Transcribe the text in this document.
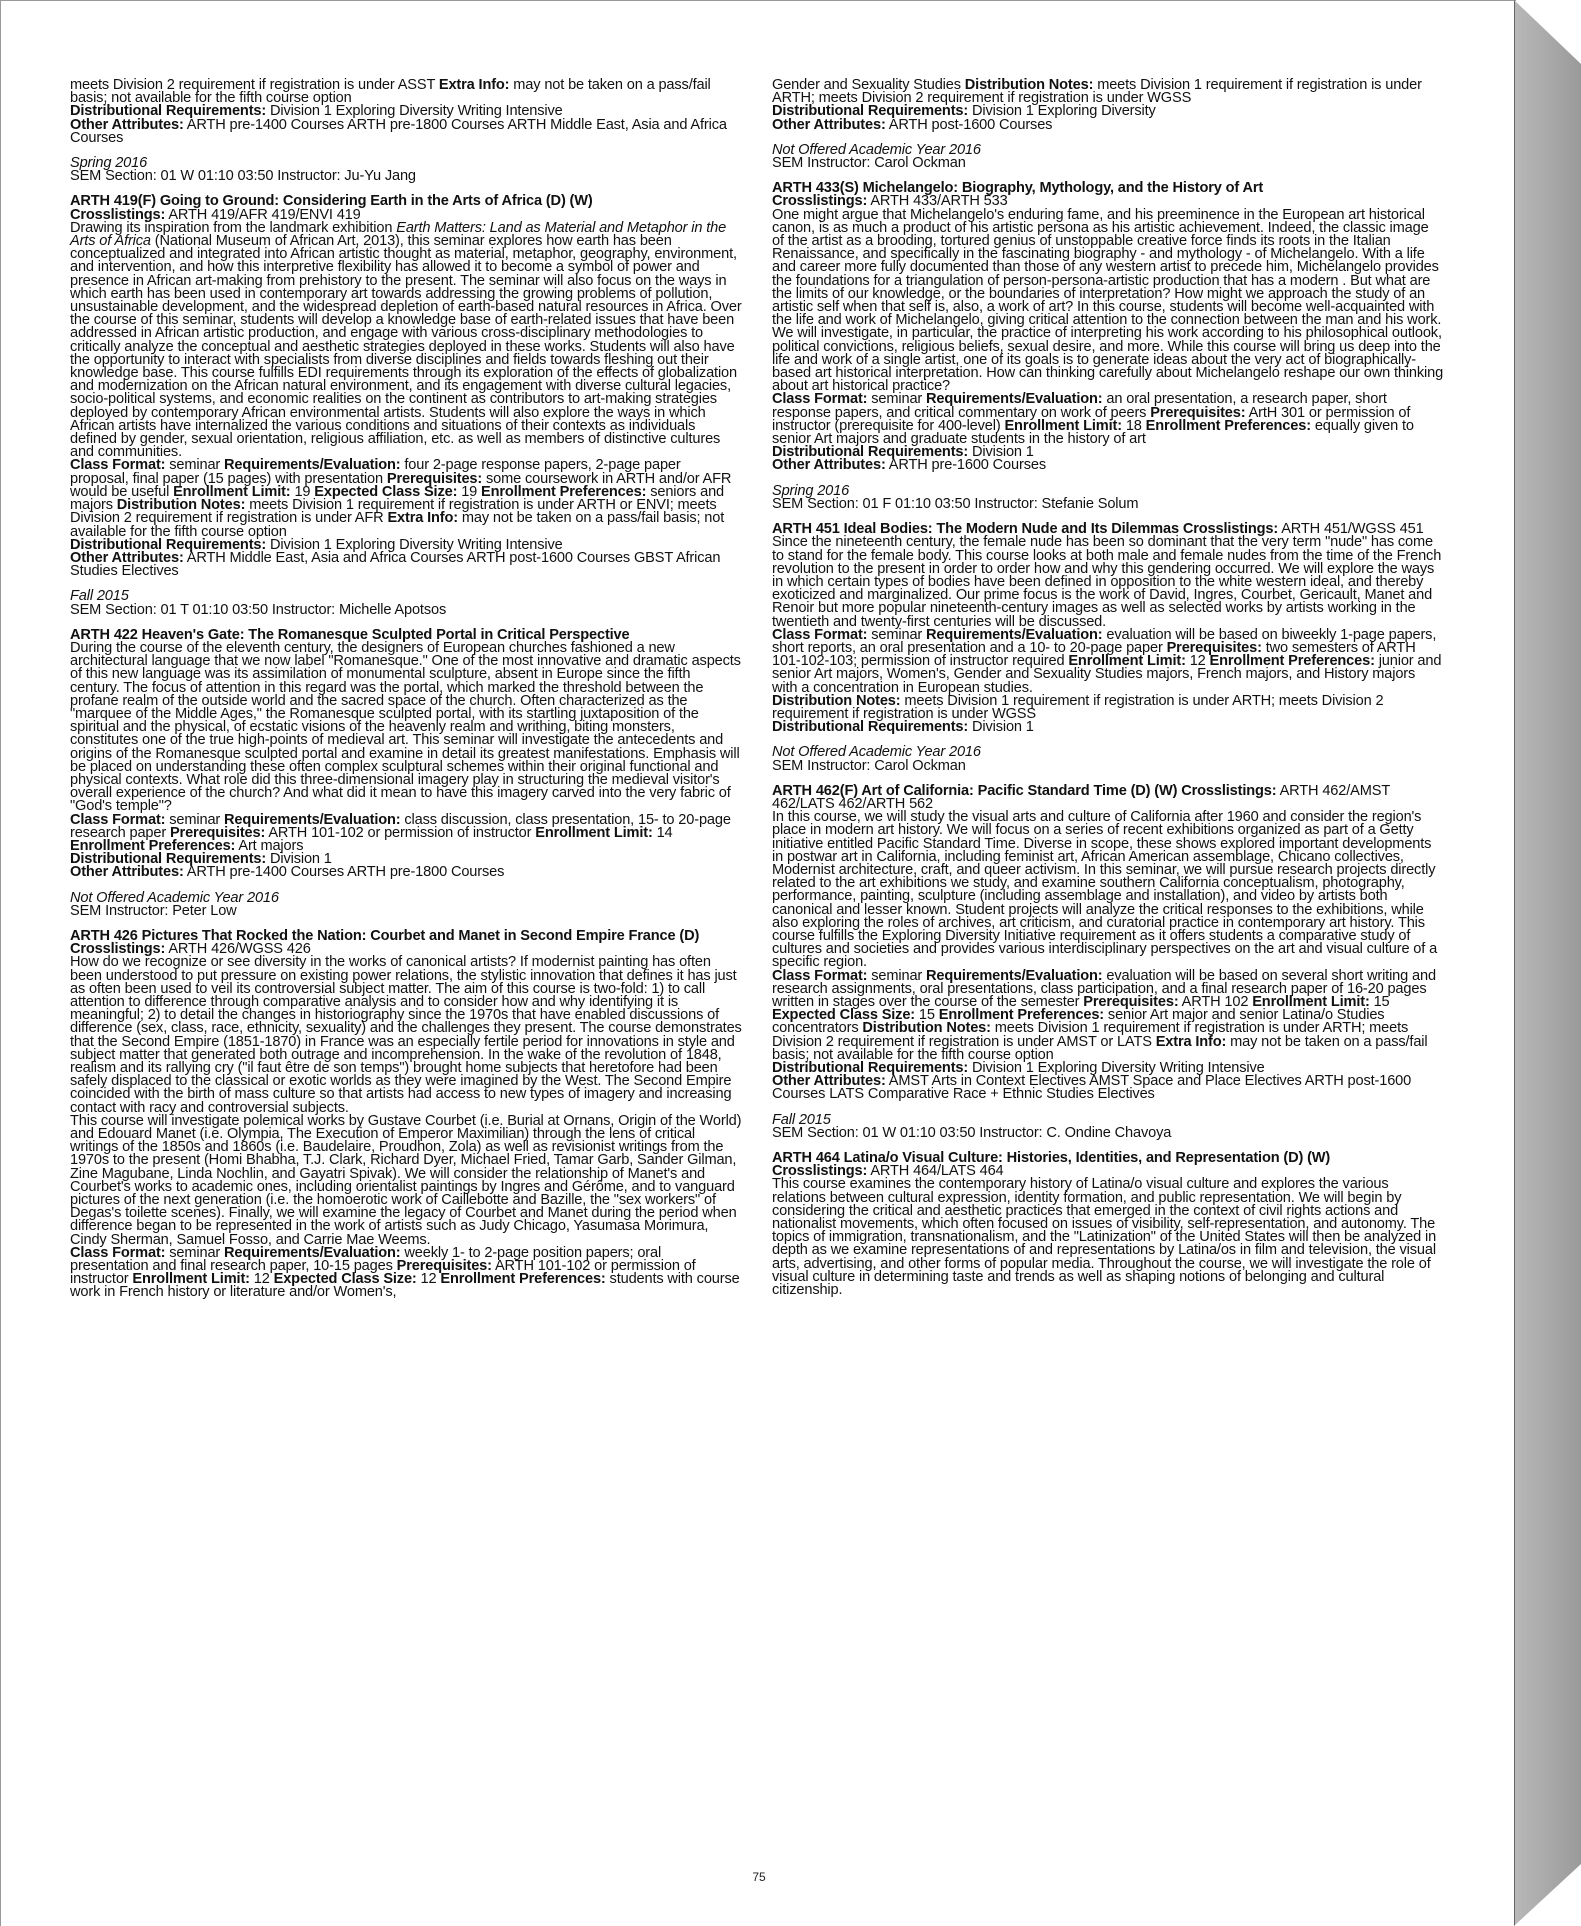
meets Division 2 requirement if registration is under ASST Extra Info: may not be taken on a pass/fail basis; not available for the fifth course option

Distributional Requirements: Division 1 Exploring Diversity Writing Intensive

Other Attributes: ARTH pre-1400 Courses ARTH pre-1800 Courses ARTH Middle East, Asia and Africa Courses

Spring 2016

SEM Section: 01 W 01:10 03:50 Instructor: Ju-Yu Jang

ARTH 419(F) Going to Ground: Considering Earth in the Arts of Africa (D) (W)

Crosslistings: ARTH 419/AFR 419/ENVI 419

Drawing its inspiration from the landmark exhibition Earth Matters: Land as Material and Metaphor in the Arts of Africa (National Museum of African Art, 2013), this seminar explores how earth has been conceptualized and integrated into African artistic thought as material, metaphor, geography, environment, and intervention, and how this interpretive flexibility has allowed it to become a symbol of power and presence in African art-making from prehistory to the present. The seminar will also focus on the ways in which earth has been used in contemporary art towards addressing the growing problems of pollution, unsustainable development, and the widespread depletion of earth-based natural resources in Africa. Over the course of this seminar, students will develop a knowledge base of earth-related issues that have been addressed in African artistic production, and engage with various cross-disciplinary methodologies to critically analyze the conceptual and aesthetic strategies deployed in these works. Students will also have the opportunity to interact with specialists from diverse disciplines and fields towards fleshing out their knowledge base. This course fulfills EDI requirements through its exploration of the effects of globalization and modernization on the African natural environment, and its engagement with diverse cultural legacies, socio-political systems, and economic realities on the continent as contributors to art-making strategies deployed by contemporary African environmental artists. Students will also explore the ways in which African artists have internalized the various conditions and situations of their contexts as individuals defined by gender, sexual orientation, religious affiliation, etc. as well as members of distinctive cultures and communities.

Class Format: seminar Requirements/Evaluation: four 2-page response papers, 2-page paper proposal, final paper (15 pages) with presentation Prerequisites: some coursework in ARTH and/or AFR would be useful Enrollment Limit: 19 Expected Class Size: 19 Enrollment Preferences: seniors and majors Distribution Notes: meets Division 1 requirement if registration is under ARTH or ENVI; meets Division 2 requirement if registration is under AFR Extra Info: may not be taken on a pass/fail basis; not available for the fifth course option

Distributional Requirements: Division 1 Exploring Diversity Writing Intensive

Other Attributes: ARTH Middle East, Asia and Africa Courses ARTH post-1600 Courses GBST African Studies Electives

Fall 2015

SEM Section: 01 T 01:10 03:50 Instructor: Michelle Apotsos

ARTH 422 Heaven's Gate: The Romanesque Sculpted Portal in Critical Perspective

During the course of the eleventh century, the designers of European churches fashioned a new architectural language that we now label "Romanesque." One of the most innovative and dramatic aspects of this new language was its assimilation of monumental sculpture, absent in Europe since the fifth century. The focus of attention in this regard was the portal, which marked the threshold between the profane realm of the outside world and the sacred space of the church. Often characterized as the "marquee of the Middle Ages," the Romanesque sculpted portal, with its startling juxtaposition of the spiritual and the physical, of ecstatic visions of the heavenly realm and writhing, biting monsters, constitutes one of the true high-points of medieval art. This seminar will investigate the antecedents and origins of the Romanesque sculpted portal and examine in detail its greatest manifestations. Emphasis will be placed on understanding these often complex sculptural schemes within their original functional and physical contexts. What role did this three-dimensional imagery play in structuring the medieval visitor's overall experience of the church? And what did it mean to have this imagery carved into the very fabric of "God's temple"?

Class Format: seminar Requirements/Evaluation: class discussion, class presentation, 15- to 20-page research paper Prerequisites: ARTH 101-102 or permission of instructor Enrollment Limit: 14 Enrollment Preferences: Art majors

Distributional Requirements: Division 1

Other Attributes: ARTH pre-1400 Courses ARTH pre-1800 Courses

Not Offered Academic Year 2016

SEM Instructor: Peter Low

ARTH 426 Pictures That Rocked the Nation: Courbet and Manet in Second Empire France (D) Crosslistings: ARTH 426/WGSS 426

How do we recognize or see diversity in the works of canonical artists? If modernist painting has often been understood to put pressure on existing power relations, the stylistic innovation that defines it has just as often been used to veil its controversial subject matter. The aim of this course is two-fold: 1) to call attention to difference through comparative analysis and to consider how and why identifying it is meaningful; 2) to detail the changes in historiography since the 1970s that have enabled discussions of difference (sex, class, race, ethnicity, sexuality) and the challenges they present. The course demonstrates that the Second Empire (1851-1870) in France was an especially fertile period for innovations in style and subject matter that generated both outrage and incomprehension. In the wake of the revolution of 1848, realism and its rallying cry ("il faut être de son temps") brought home subjects that heretofore had been safely displaced to the classical or exotic worlds as they were imagined by the West. The Second Empire coincided with the birth of mass culture so that artists had access to new types of imagery and increasing contact with racy and controversial subjects.

This course will investigate polemical works by Gustave Courbet (i.e. Burial at Ornans, Origin of the World) and Edouard Manet (i.e. Olympia, The Execution of Emperor Maximilian) through the lens of critical writings of the 1850s and 1860s (i.e. Baudelaire, Proudhon, Zola) as well as revisionist writings from the 1970s to the present (Homi Bhabha, T.J. Clark, Richard Dyer, Michael Fried, Tamar Garb, Sander Gilman, Zine Magubane, Linda Nochlin, and Gayatri Spivak). We will consider the relationship of Manet's and Courbet's works to academic ones, including orientalist paintings by Ingres and Gérôme, and to vanguard pictures of the next generation (i.e. the homoerotic work of Caillebotte and Bazille, the "sex workers" of Degas's toilette scenes). Finally, we will examine the legacy of Courbet and Manet during the period when difference began to be represented in the work of artists such as Judy Chicago, Yasumasa Morimura, Cindy Sherman, Samuel Fosso, and Carrie Mae Weems.

Class Format: seminar Requirements/Evaluation: weekly 1- to 2-page position papers; oral presentation and final research paper, 10-15 pages Prerequisites: ARTH 101-102 or permission of instructor Enrollment Limit: 12 Expected Class Size: 12 Enrollment Preferences: students with course work in French history or literature and/or Women's,

Gender and Sexuality Studies Distribution Notes: meets Division 1 requirement if registration is under ARTH; meets Division 2 requirement if registration is under WGSS

Distributional Requirements: Division 1 Exploring Diversity

Other Attributes: ARTH post-1600 Courses

Not Offered Academic Year 2016

SEM Instructor: Carol Ockman

ARTH 433(S) Michelangelo: Biography, Mythology, and the History of Art

Crosslistings: ARTH 433/ARTH 533

One might argue that Michelangelo's enduring fame, and his preeminence in the European art historical canon, is as much a product of his artistic persona as his artistic achievement. Indeed, the classic image of the artist as a brooding, tortured genius of unstoppable creative force finds its roots in the Italian Renaissance, and specifically in the fascinating biography - and mythology - of Michelangelo. With a life and career more fully documented than those of any western artist to precede him, Michelangelo provides the foundations for a triangulation of person-persona-artistic production that has a modern . But what are the limits of our knowledge, or the boundaries of interpretation? How might we approach the study of an artistic self when that self is, also, a work of art? In this course, students will become well-acquainted with the life and work of Michelangelo, giving critical attention to the connection between the man and his work. We will investigate, in particular, the practice of interpreting his work according to his philosophical outlook, political convictions, religious beliefs, sexual desire, and more. While this course will bring us deep into the life and work of a single artist, one of its goals is to generate ideas about the very act of biographically-based art historical interpretation. How can thinking carefully about Michelangelo reshape our own thinking about art historical practice?

Class Format: seminar Requirements/Evaluation: an oral presentation, a research paper, short response papers, and critical commentary on work of peers Prerequisites: ArtH 301 or permission of instructor (prerequisite for 400-level) Enrollment Limit: 18 Enrollment Preferences: equally given to senior Art majors and graduate students in the history of art

Distributional Requirements: Division 1

Other Attributes: ARTH pre-1600 Courses

Spring 2016

SEM Section: 01 F 01:10 03:50 Instructor: Stefanie Solum

ARTH 451 Ideal Bodies: The Modern Nude and Its Dilemmas Crosslistings: ARTH 451/WGSS 451

Since the nineteenth century, the female nude has been so dominant that the very term "nude" has come to stand for the female body. This course looks at both male and female nudes from the time of the French revolution to the present in order to order how and why this gendering occurred. We will explore the ways in which certain types of bodies have been defined in opposition to the white western ideal, and thereby exoticized and marginalized. Our prime focus is the work of David, Ingres, Courbet, Gericault, Manet and Renoir but more popular nineteenth-century images as well as selected works by artists working in the twentieth and twenty-first centuries will be discussed.

Class Format: seminar Requirements/Evaluation: evaluation will be based on biweekly 1-page papers, short reports, an oral presentation and a 10- to 20-page paper Prerequisites: two semesters of ARTH 101-102-103; permission of instructor required Enrollment Limit: 12 Enrollment Preferences: junior and senior Art majors, Women's, Gender and Sexuality Studies majors, French majors, and History majors with a concentration in European studies.

Distribution Notes: meets Division 1 requirement if registration is under ARTH; meets Division 2 requirement if registration is under WGSS

Distributional Requirements: Division 1

Not Offered Academic Year 2016

SEM Instructor: Carol Ockman

ARTH 462(F) Art of California: Pacific Standard Time (D) (W) Crosslistings: ARTH 462/AMST 462/LATS 462/ARTH 562

In this course, we will study the visual arts and culture of California after 1960 and consider the region's place in modern art history. We will focus on a series of recent exhibitions organized as part of a Getty initiative entitled Pacific Standard Time. Diverse in scope, these shows explored important developments in postwar art in California, including feminist art, African American assemblage, Chicano collectives, Modernist architecture, craft, and queer activism. In this seminar, we will pursue research projects directly related to the art exhibitions we study, and examine southern California conceptualism, photography, performance, painting, sculpture (including assemblage and installation), and video by artists both canonical and lesser known. Student projects will analyze the critical responses to the exhibitions, while also exploring the roles of archives, art criticism, and curatorial practice in contemporary art history. This course fulfills the Exploring Diversity Initiative requirement as it offers students a comparative study of cultures and societies and provides various interdisciplinary perspectives on the art and visual culture of a specific region.

Class Format: seminar Requirements/Evaluation: evaluation will be based on several short writing and research assignments, oral presentations, class participation, and a final research paper of 16-20 pages written in stages over the course of the semester Prerequisites: ARTH 102 Enrollment Limit: 15 Expected Class Size: 15 Enrollment Preferences: senior Art major and senior Latina/o Studies concentrators Distribution Notes: meets Division 1 requirement if registration is under ARTH; meets Division 2 requirement if registration is under AMST or LATS Extra Info: may not be taken on a pass/fail basis; not available for the fifth course option

Distributional Requirements: Division 1 Exploring Diversity Writing Intensive

Other Attributes: AMST Arts in Context Electives AMST Space and Place Electives ARTH post-1600 Courses LATS Comparative Race + Ethnic Studies Electives

Fall 2015

SEM Section: 01 W 01:10 03:50 Instructor: C. Ondine Chavoya

ARTH 464 Latina/o Visual Culture: Histories, Identities, and Representation (D) (W)

Crosslistings: ARTH 464/LATS 464

This course examines the contemporary history of Latina/o visual culture and explores the various relations between cultural expression, identity formation, and public representation. We will begin by considering the critical and aesthetic practices that emerged in the context of civil rights actions and nationalist movements, which often focused on issues of visibility, self-representation, and autonomy. The topics of immigration, transnationalism, and the "Latinization" of the United States will then be analyzed in depth as we examine representations of and representations by Latina/os in film and television, the visual arts, advertising, and other forms of popular media. Throughout the course, we will investigate the role of visual culture in determining taste and trends as well as shaping notions of belonging and cultural citizenship.

75
